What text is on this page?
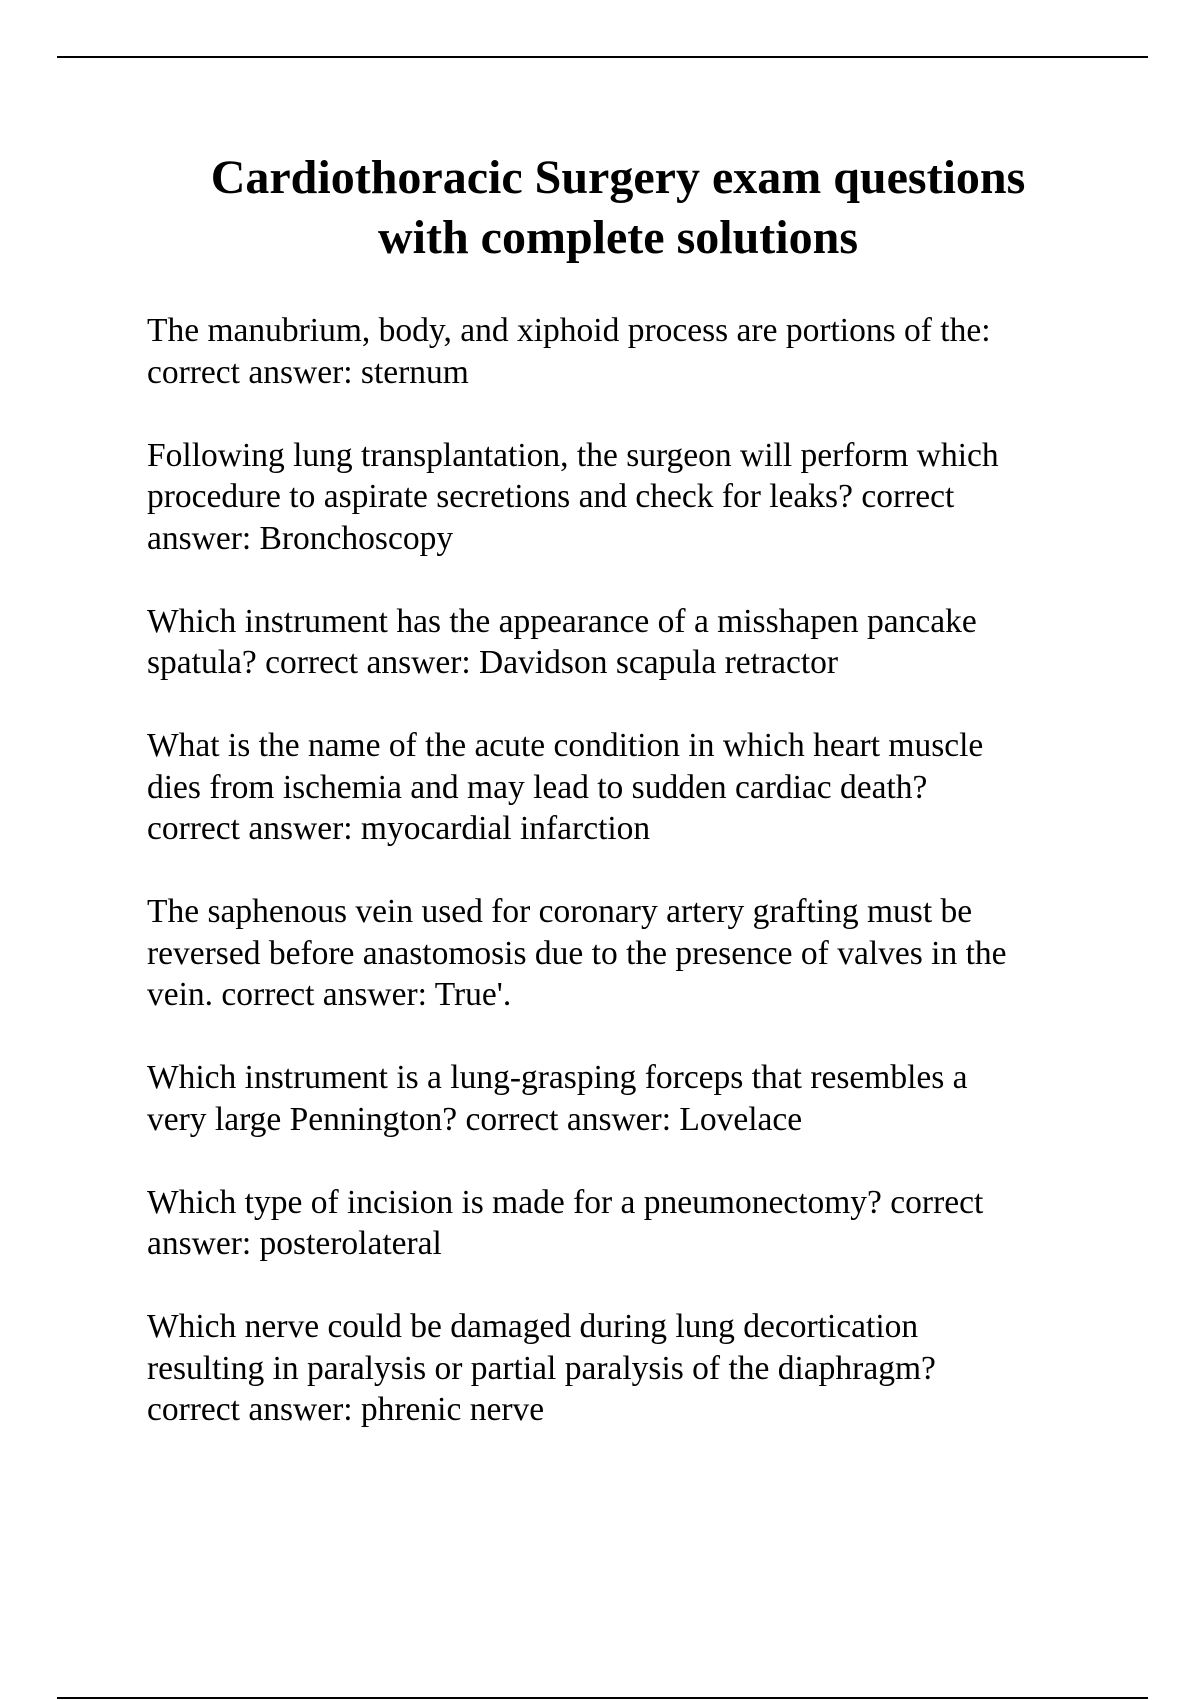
Cardiothoracic Surgery exam questions
with complete solutions
The manubrium, body, and xiphoid process are portions of the:
correct answer: sternum
Following lung transplantation, the surgeon will perform which
procedure to aspirate secretions and check for leaks? correct
answer: Bronchoscopy
Which instrument has the appearance of a misshapen pancake
spatula? correct answer: Davidson scapula retractor
What is the name of the acute condition in which heart muscle
dies from ischemia and may lead to sudden cardiac death?
correct answer: myocardial infarction
The saphenous vein used for coronary artery grafting must be
reversed before anastomosis due to the presence of valves in the
vein. correct answer: True'.
Which instrument is a lung-grasping forceps that resembles a
very large Pennington? correct answer: Lovelace
Which type of incision is made for a pneumonectomy? correct
answer: posterolateral
Which nerve could be damaged during lung decortication
resulting in paralysis or partial paralysis of the diaphragm?
correct answer: phrenic nerve
